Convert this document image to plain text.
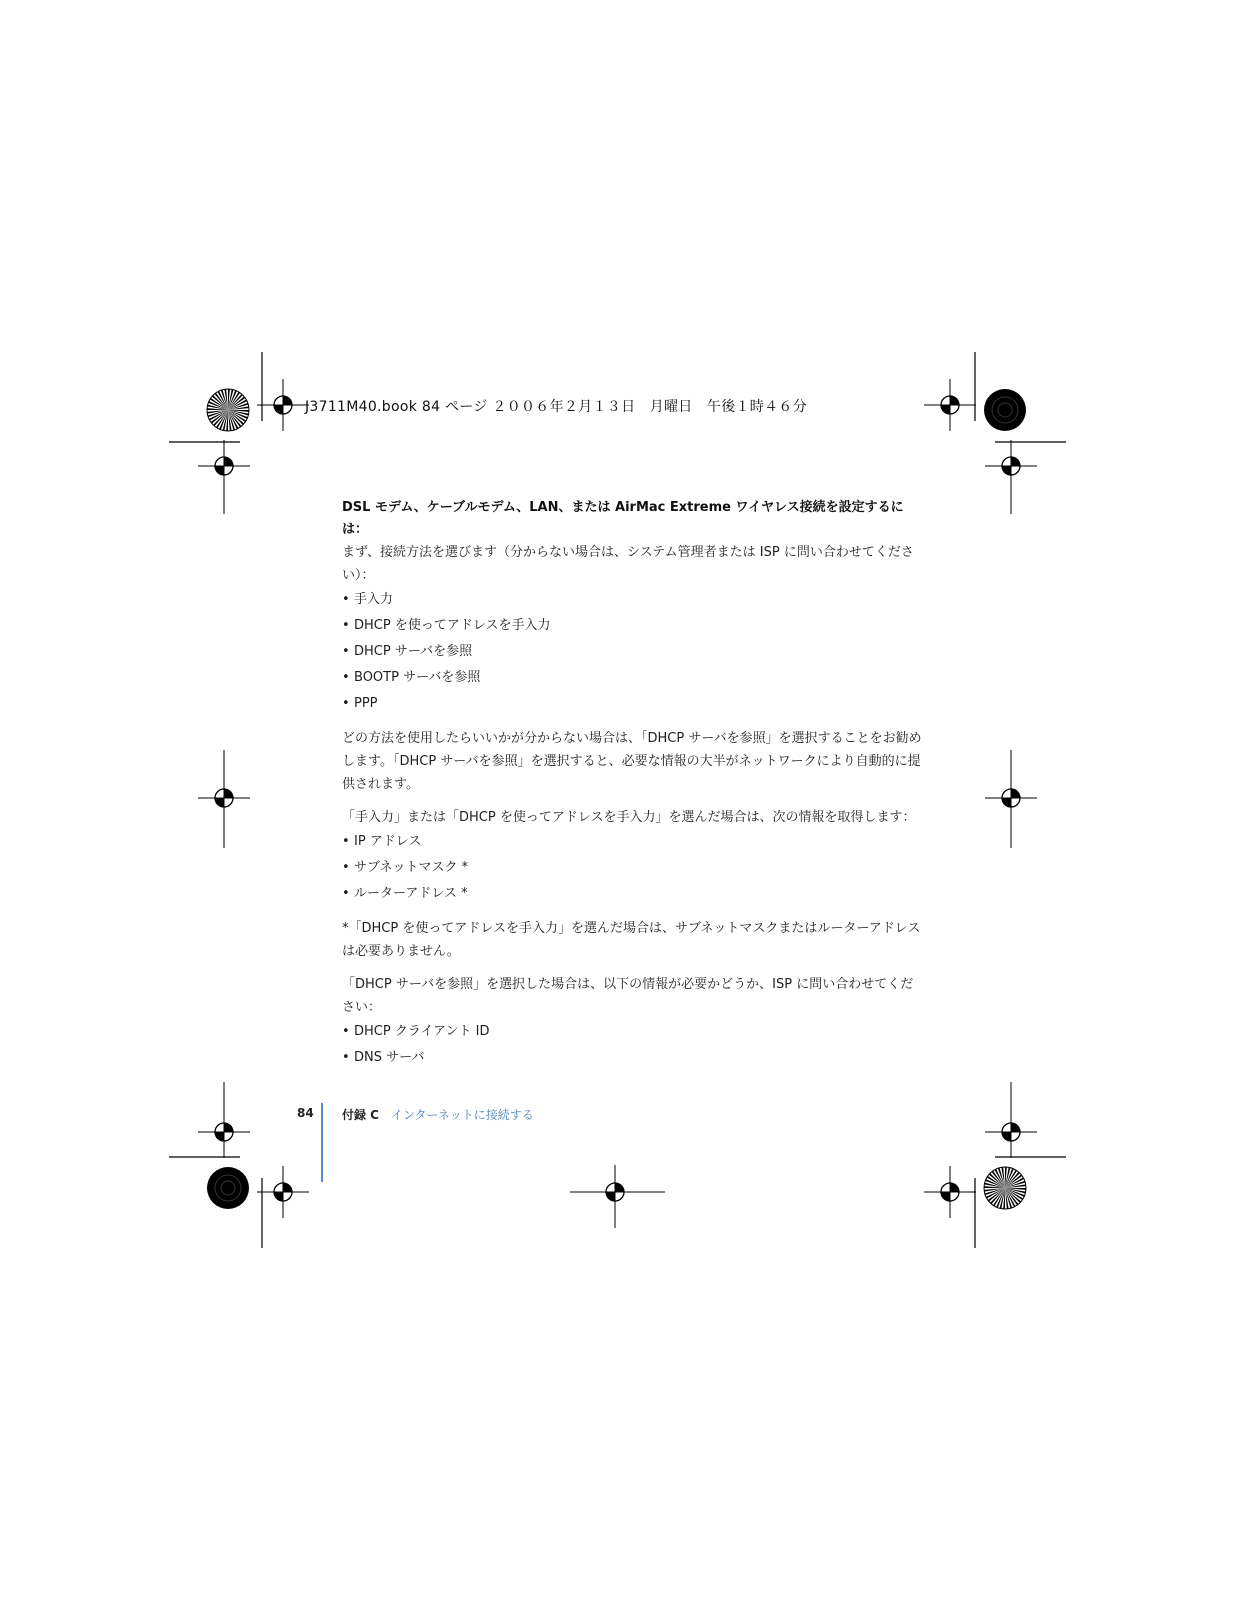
J3711M40.book 84 ページ ２００６年２月１３日　月曜日　午後１時４６分

DSL モデム、ケーブルモデム、LAN、または AirMac Extreme ワイヤレス接続を設定するには：

まず、接続方法を選びます（分からない場合は、システム管理者または ISP に問い合わせてください）：

• 手入力
• DHCP を使ってアドレスを手入力
• DHCP サーバを参照
• BOOTP サーバを参照
• PPP

どの方法を使用したらいいかが分からない場合は、「DHCP サーバを参照」を選択することをお勧めします。「DHCP サーバを参照」を選択すると、必要な情報の大半がネットワークにより自動的に提供されます。

「手入力」または「DHCP を使ってアドレスを手入力」を選んだ場合は、次の情報を取得します：

• IP アドレス
• サブネットマスク *
• ルーターアドレス *

*「DHCP を使ってアドレスを手入力」を選んだ場合は、サブネットマスクまたはルーターアドレスは必要ありません。

「DHCP サーバを参照」を選択した場合は、以下の情報が必要かどうか、ISP に問い合わせてください：

• DHCP クライアント ID
• DNS サーバ
84 付録 C インターネットに接続する
